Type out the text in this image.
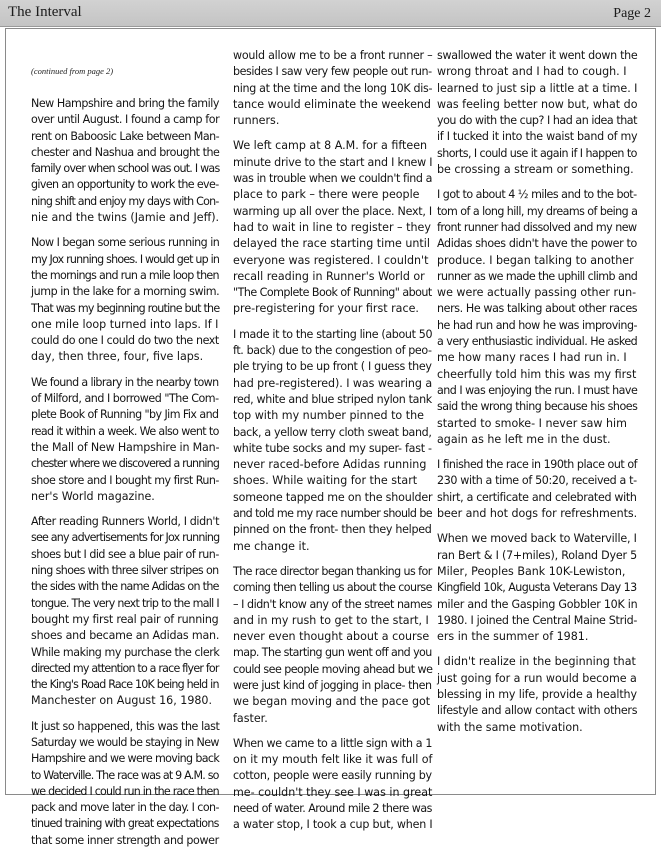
The Interval	Page 2
(continued from page 2)
New Hampshire and bring the family
over until August. I found a camp for
rent on Baboosic Lake between Man-
chester and Nashua and brought the
family over when school was out. I was
given an opportunity to work the eve-
ning shift and enjoy my days with Con-
nie and the twins (Jamie and Jeff).
Now I began some serious running in
my Jox running shoes. I would get up in
the mornings and run a mile loop then
jump in the lake for a morning swim.
That was my beginning routine but the
one mile loop turned into laps. If I
could do one I could do two the next
day, then three, four, five laps.
We found a library in the nearby town
of Milford, and I borrowed "The Com-
plete Book of Running "by Jim Fix and
read it within a week. We also went to
the Mall of New Hampshire in Man-
chester where we discovered a running
shoe store and I bought my first Run-
ner's World magazine.
After reading Runners World, I didn't
see any advertisements for Jox running
shoes but I did see a blue pair of run-
ning shoes with three silver stripes on
the sides with the name Adidas on the
tongue. The very next trip to the mall I
bought my first real pair of running
shoes and became an Adidas man.
While making my purchase the clerk
directed my attention to a race flyer for
the King's Road Race 10K being held in
Manchester on August 16, 1980.
It just so happened, this was the last
Saturday we would be staying in New
Hampshire and we were moving back
to Waterville. The race was at 9 A.M. so
we decided I could run in the race then
pack and move later in the day. I con-
tinued training with great expectations
that some inner strength and power
would allow me to be a front runner –
besides I saw very few people out run-
ning at the time and the long 10K dis-
tance would eliminate the weekend
runners.
We left camp at 8 A.M. for a fifteen
minute drive to the start and I knew I
was in trouble when we couldn't find a
place to park – there were people
warming up all over the place. Next, I
had to wait in line to register – they
delayed the race starting time until
everyone was registered. I couldn't
recall reading in Runner's World or
"The Complete Book of Running" about
pre-registering for your first race.
I made it to the starting line (about 50
ft. back) due to the congestion of peo-
ple trying to be up front ( I guess they
had pre-registered). I was wearing a
red, white and blue striped nylon tank
top with my number pinned to the
back, a yellow terry cloth sweat band,
white tube socks and my super- fast -
never raced-before Adidas running
shoes. While waiting for the start
someone tapped me on the shoulder
and told me my race number should be
pinned on the front- then they helped
me change it.
The race director began thanking us for
coming then telling us about the course
– I didn't know any of the street names
and in my rush to get to the start, I
never even thought about a course
map. The starting gun went off and you
could see people moving ahead but we
were just kind of jogging in place- then
we began moving and the pace got
faster.
When we came to a little sign with a 1
on it my mouth felt like it was full of
cotton, people were easily running by
me- couldn't they see I was in great
need of water. Around mile 2 there was
a water stop, I took a cup but, when I
swallowed the water it went down the
wrong throat and I had to cough. I
learned to just sip a little at a time. I
was feeling better now but, what do
you do with the cup? I had an idea that
if I tucked it into the waist band of my
shorts, I could use it again if I happen to
be crossing a stream or something.
I got to about 4 ½ miles and to the bot-
tom of a long hill, my dreams of being a
front runner had dissolved and my new
Adidas shoes didn't have the power to
produce. I began talking to another
runner as we made the uphill climb and
we were actually passing other run-
ners. He was talking about other races
he had run and how he was improving-
a very enthusiastic individual. He asked
me how many races I had run in. I
cheerfully told him this was my first
and I was enjoying the run. I must have
said the wrong thing because his shoes
started to smoke- I never saw him
again as he left me in the dust.
I finished the race in 190th place out of
230 with a time of 50:20, received a t-
shirt, a certificate and celebrated with
beer and hot dogs for refreshments.
When we moved back to Waterville, I
ran Bert & I (7+miles), Roland Dyer 5
Miler, Peoples Bank 10K-Lewiston,
Kingfield 10k, Augusta Veterans Day 13
miler and the Gasping Gobbler 10K in
1980. I joined the Central Maine Strid-
ers in the summer of 1981.
I didn't realize in the beginning that
just going for a run would become a
blessing in my life, provide a healthy
lifestyle and allow contact with others
with the same motivation.
